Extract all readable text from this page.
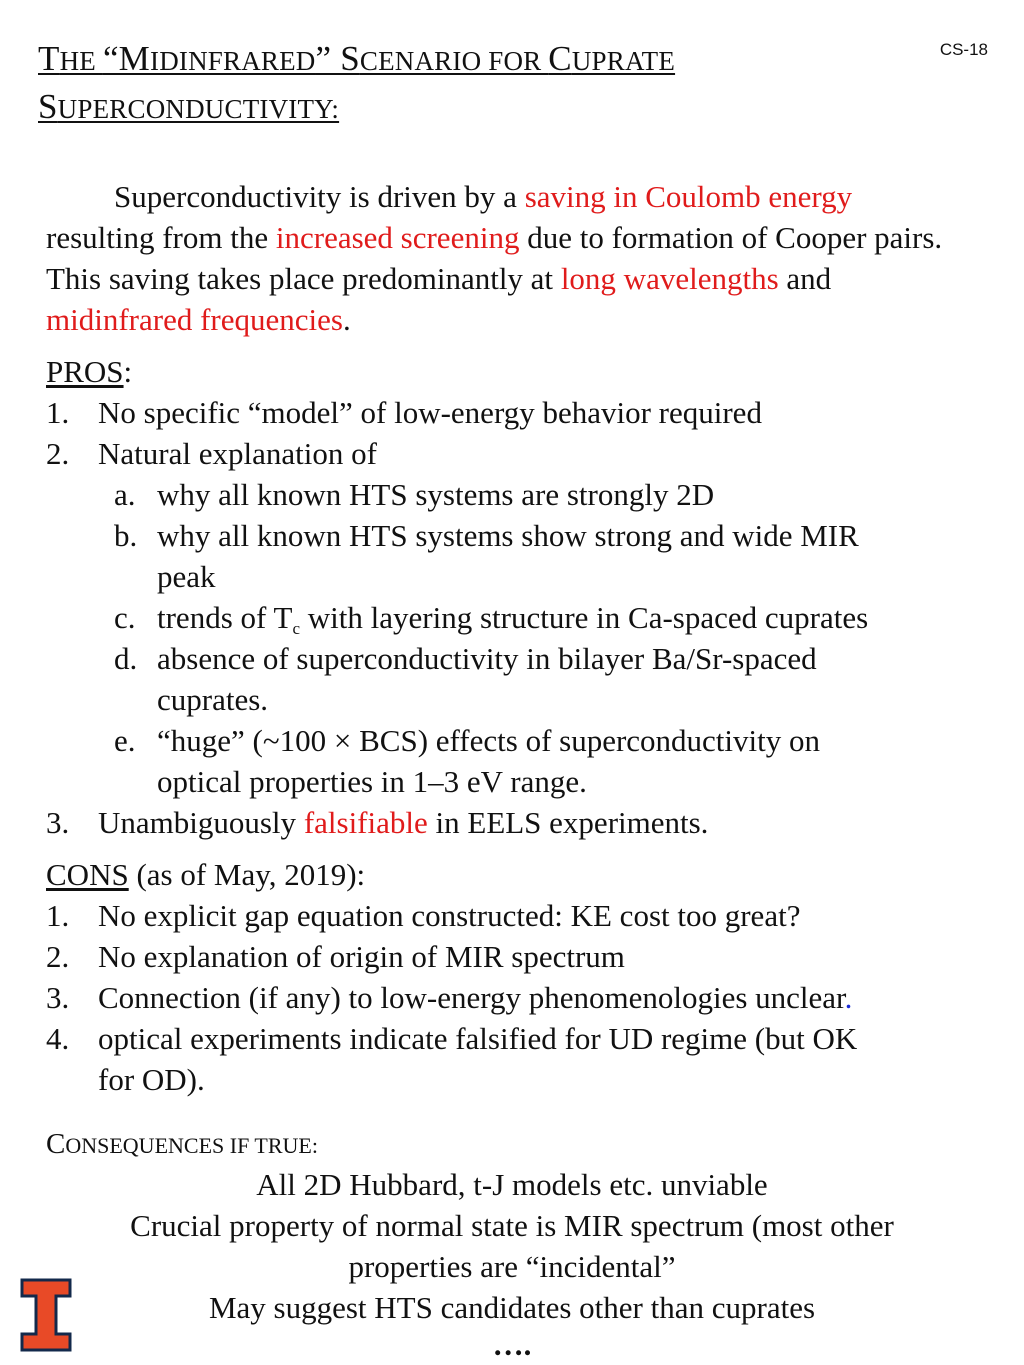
CS-18
THE “MIDINFRARED” SCENARIO FOR CUPRATE
SUPERCONDUCTIVITY:
Superconductivity is driven by a saving in Coulomb energy resulting from the increased screening due to formation of Cooper pairs. This saving takes place predominantly at long wavelengths and midinfrared frequencies.
PROS:
1. No specific “model” of low-energy behavior required
2. Natural explanation of
a. why all known HTS systems are strongly 2D
b. why all known HTS systems show strong and wide MIR
peak
c. trends of $T_c$ with layering structure in Ca-spaced cuprates
d. absence of superconductivity in bilayer Ba/Sr-spaced
cuprates.
e. “huge” (~100 × BCS) effects of superconductivity on
optical properties in 1–3 eV range.
3. Unambiguously falsifiable in EELS experiments.
CONS (as of May, 2019):
1. No explicit gap equation constructed: KE cost too great?
2. No explanation of origin of MIR spectrum
3. Connection (if any) to low-energy phenomenologies unclear.
4. optical experiments indicate falsified for UD regime (but OK
for OD).
CONSEQUENCES IF TRUE:
All 2D Hubbard, t-J models etc. unviable
Crucial property of normal state is MIR spectrum (most other
properties are “incidental”
May suggest HTS candidates other than cuprates
….
